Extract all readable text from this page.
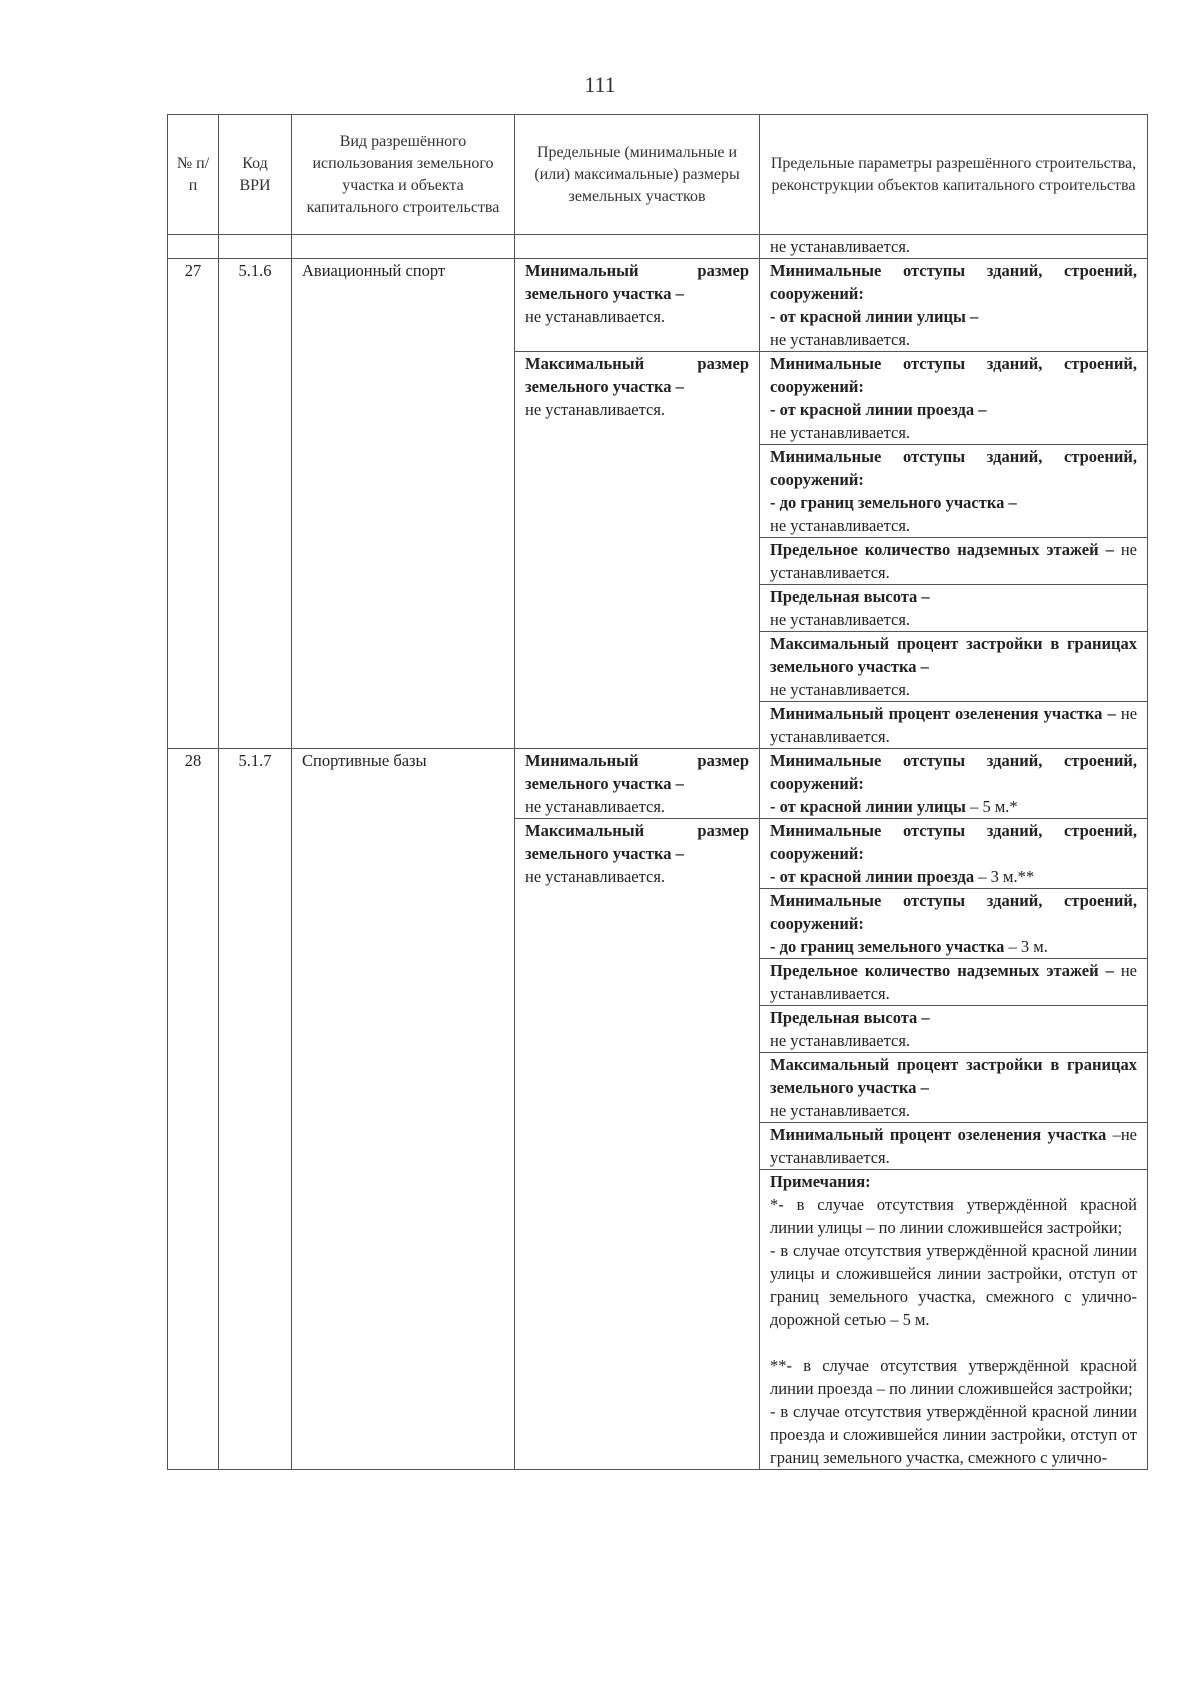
111
№ п/п	Код ВРИ	Вид разрешённого использования земельного участка и объекта капитального строительства	Предельные (минимальные и (или) максимальные) размеры земельных участков	Предельные параметры разрешённого строительства, реконструкции объектов капитального строительства
				не устанавливается.
27	5.1.6	Авиационный спорт	Минимальный размер земельного участка –
не устанавливается.	Минимальные отступы зданий, строений, сооружений:
- от красной линии улицы –
не устанавливается.
			Максимальный размер земельного участка –
не устанавливается.	Минимальные отступы зданий, строений, сооружений:
- от красной линии проезда –
не устанавливается.
				Минимальные отступы зданий, строений, сооружений:
- до границ земельного участка –
не устанавливается.
				Предельное количество надземных этажей – не устанавливается.
				Предельная высота –
не устанавливается.
				Максимальный процент застройки в границах земельного участка –
не устанавливается.
				Минимальный процент озеленения участка – не устанавливается.
28	5.1.7	Спортивные базы	Минимальный размер земельного участка –
не устанавливается.	Минимальные отступы зданий, строений, сооружений:
- от красной линии улицы – 5 м.*
			Максимальный размер земельного участка –
не устанавливается.	Минимальные отступы зданий, строений, сооружений:
- от красной линии проезда – 3 м.**
				Минимальные отступы зданий, строений, сооружений:
- до границ земельного участка – 3 м.
				Предельное количество надземных этажей – не устанавливается.
				Предельная высота –
не устанавливается.
				Максимальный процент застройки в границах земельного участка –
не устанавливается.
				Минимальный процент озеленения участка –не устанавливается.

				Примечания:

*- в случае отсутствия утверждённой красной линии улицы – по линии сложившейся застройки;

- в случае отсутствия утверждённой красной линии улицы и сложившейся линии застройки, отступ от границ земельного участка, смежного с улично-дорожной сетью – 5 м.

**- в случае отсутствия утверждённой красной линии проезда – по линии сложившейся застройки;

- в случае отсутствия утверждённой красной линии проезда и сложившейся линии застройки, отступ от границ земельного участка, смежного с улично-
